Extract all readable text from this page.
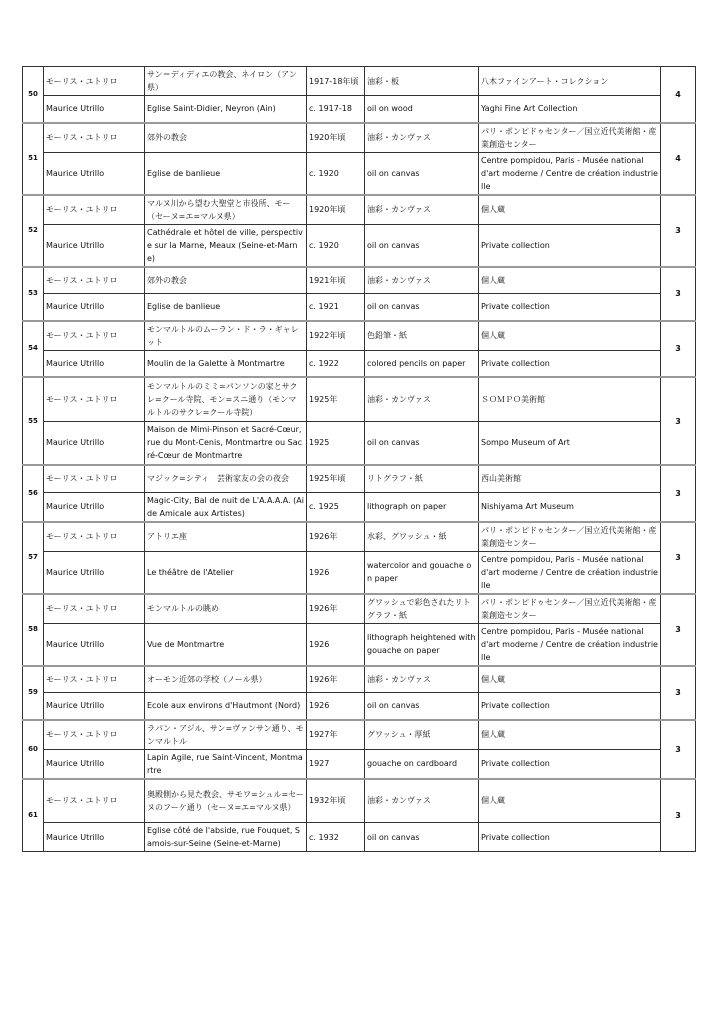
50	モーリス・ユトリロ	サン＝ディディエの教会、ネイロン（アン県）	1917-18年頃	油彩・板	八木ファインアート・コレクション	4
	Maurice Utrillo	Eglise Saint-Didier, Neyron (Ain)	c. 1917-18	oil on wood	Yaghi Fine Art Collection	
51	モーリス・ユトリロ	郊外の教会	1920年頃	油彩・カンヴァス	パリ・ポンピドゥセンター／国立近代美術館・産業創造センター	4
	Maurice Utrillo	Eglise de banlieue	c. 1920	oil on canvas	Centre pompidou, Paris - Musée national d'art moderne / Centre de création industrielle	
52	モーリス・ユトリロ	マルヌ川から望む大聖堂と市役所、モー（セーヌ=エ=マルヌ県）	1920年頃	油彩・カンヴァス	個人蔵	3
	Maurice Utrillo	Cathédrale et hôtel de ville, perspective sur la Marne, Meaux (Seine-et-Marne)	c. 1920	oil on canvas	Private collection	
53	モーリス・ユトリロ	郊外の教会	1921年頃	油彩・カンヴァス	個人蔵	3
	Maurice Utrillo	Eglise de banlieue	c. 1921	oil on canvas	Private collection	
54	モーリス・ユトリロ	モンマルトルのムーラン・ド・ラ・ギャレット	1922年頃	色鉛筆・紙	個人蔵	3
	Maurice Utrillo	Moulin de la Galette à Montmartre	c. 1922	colored pencils on paper	Private collection	
55	モーリス・ユトリロ	モンマルトルのミミ=パンソンの家とサクレ=クール寺院、モン=スニ通り（モンマルトルのサクレ=クール寺院）	1925年	油彩・カンヴァス	ＳＯＭＰＯ美術館	3
	Maurice Utrillo	Maison de Mimi-Pinson et Sacré-Cœur, rue du Mont-Cenis, Montmartre ou Sacré-Cœur de Montmartre	1925	oil on canvas	Sompo Museum of Art	
56	モーリス・ユトリロ	マジック=シティ　芸術家友の会の夜会	1925年頃	リトグラフ・紙	西山美術館	3
	Maurice Utrillo	Magic-City, Bal de nuit de L'A.A.A.A. (Aide Amicale aux Artistes)	c. 1925	lithograph on paper	Nishiyama Art Museum	
57	モーリス・ユトリロ	アトリエ座	1926年	水彩、グワッシュ・紙	パリ・ポンピドゥセンター／国立近代美術館・産業創造センター	3
	Maurice Utrillo	Le théâtre de l'Atelier	1926	watercolor and gouache on paper	Centre pompidou, Paris - Musée national d'art moderne / Centre de création industrielle	
58	モーリス・ユトリロ	モンマルトルの眺め	1926年	グワッシュで彩色されたリトグラフ・紙	パリ・ポンピドゥセンター／国立近代美術館・産業創造センター	3
	Maurice Utrillo	Vue de Montmartre	1926	lithograph heightened with gouache on paper	Centre pompidou, Paris - Musée national d'art moderne / Centre de création industrielle	
59	モーリス・ユトリロ	オーモン近郊の学校（ノール県）	1926年	油彩・カンヴァス	個人蔵	3
	Maurice Utrillo	Ecole aux environs d'Hautmont (Nord)	1926	oil on canvas	Private collection	
60	モーリス・ユトリロ	ラパン・アジル、サン=ヴァンサン通り、モンマルトル	1927年	グワッシュ・厚紙	個人蔵	3
	Maurice Utrillo	Lapin Agile, rue Saint-Vincent, Montmartre	1927	gouache on cardboard	Private collection	
61	モーリス・ユトリロ	奥殿側から見た教会、サモワ=シュル=セーヌのフーケ通り（セーヌ=エ=マルヌ県）	1932年頃	油彩・カンヴァス	個人蔵	3
	Maurice Utrillo	Eglise côté de l'abside, rue Fouquet, Samois-sur-Seine (Seine-et-Marne)	c. 1932	oil on canvas	Private collection	
